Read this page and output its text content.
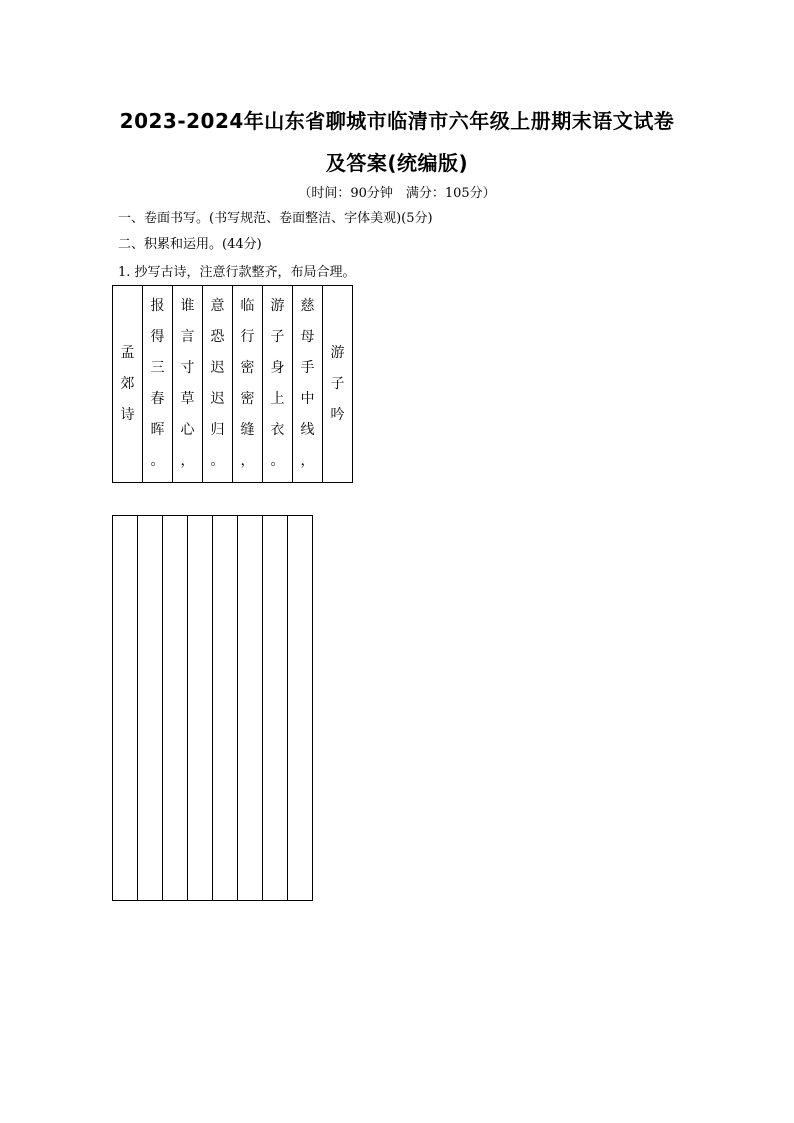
2023-2024年山东省聊城市临清市六年级上册期末语文试卷
及答案(统编版)
（时间：90分钟　满分：105分）
一、卷面书写。(书写规范、卷面整洁、字体美观)(5分)
二、积累和运用。(44分)
1. 抄写古诗，注意行款整齐，布局合理。
孟
郊
诗

报
得
三
春
晖
。

谁
言
寸
草
心
，

意
恐
迟
迟
归
。

临
行
密
密
缝
，

游
子
身
上
衣
。

慈
母
手
中
线
，

游
子
吟
